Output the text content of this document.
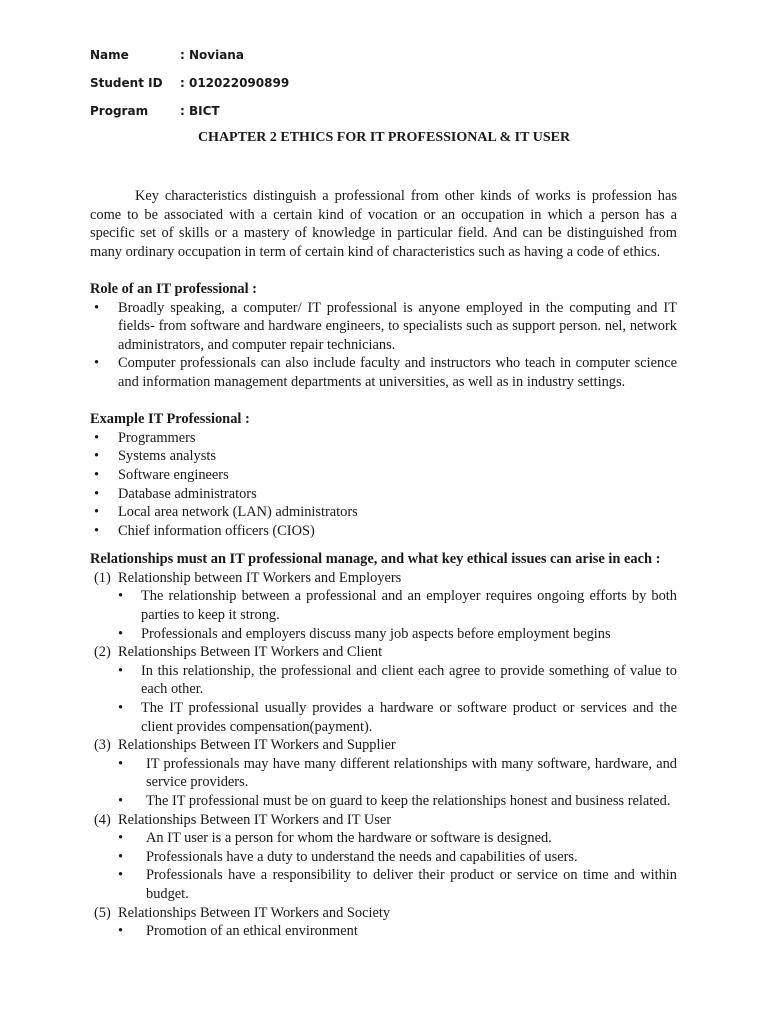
Name	: Noviana
Student ID : 012022090899
Program	: BICT
CHAPTER 2 ETHICS FOR IT PROFESSIONAL & IT USER

Key characteristics distinguish a professional from other kinds of works is profession has come to be associated with a certain kind of vocation or an occupation in which a person has a specific set of skills or a mastery of knowledge in particular field. And can be distinguished from many ordinary occupation in term of certain kind of characteristics such as having a code of ethics.

Role of an IT professional :

• Broadly speaking, a computer/ IT professional is anyone employed in the computing and IT fields- from software and hardware engineers, to specialists such as support person. nel, network administrators, and computer repair technicians.
• Computer professionals can also include faculty and instructors who teach in computer science and information management departments at universities, as well as in industry settings.

Example IT Professional :

• Programmers
• Systems analysts
• Software engineers
• Database administrators
• Local area network (LAN) administrators
• Chief information officers (CIOS)

Relationships must an IT professional manage, and what key ethical issues can arise in each :

(1) Relationship between IT Workers and Employers
• The relationship between a professional and an employer requires ongoing efforts by both parties to keep it strong.
• Professionals and employers discuss many job aspects before employment begins
(2) Relationships Between IT Workers and Client
• In this relationship, the professional and client each agree to provide something of value to each other.
• The IT professional usually provides a hardware or software product or services and the client provides compensation(payment).
(3) Relationships Between IT Workers and Supplier
• IT professionals may have many different relationships with many software, hardware, and service providers.
• The IT professional must be on guard to keep the relationships honest and business related.
(4) Relationships Between IT Workers and IT User
• An IT user is a person for whom the hardware or software is designed.
• Professionals have a duty to understand the needs and capabilities of users.
• Professionals have a responsibility to deliver their product or service on time and within budget.
(5) Relationships Between IT Workers and Society
• Promotion of an ethical environment
